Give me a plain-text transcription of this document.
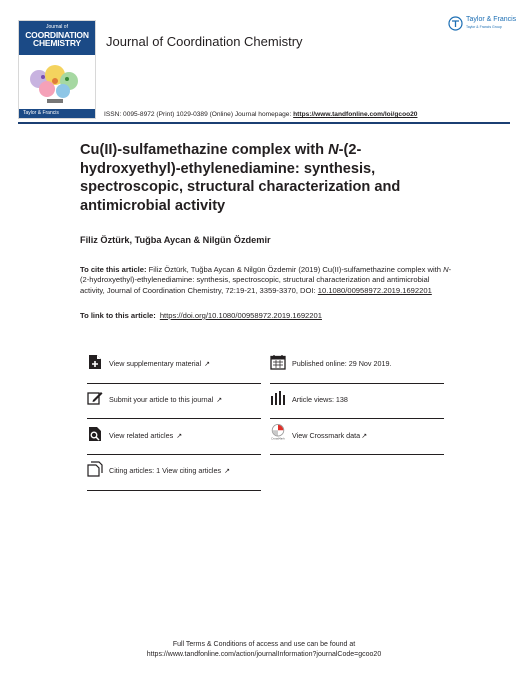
Journal of
COORDINATION CHEMISTRY
Taylor & Francis
Journal of Coordination Chemistry
Taylor & Francis
Taylor & Francis Group
ISSN: 0095-8972 (Print) 1029-0389 (Online) Journal homepage: https://www.tandfonline.com/loi/gcoo20
Cu(II)-sulfamethazine complex with N-(2- hydroxyethyl)-ethylenediamine: synthesis, spectroscopic, structural characterization and antimicrobial activity
Filiz Öztürk, Tuğba Aycan & Nilgün Özdemir
To cite this article: Filiz Öztürk, Tuğba Aycan & Nilgün Özdemir (2019) Cu(II)-sulfamethazine complex with N-(2-hydroxyethyl)-ethylenediamine: synthesis, spectroscopic, structural characterization and antimicrobial activity, Journal of Coordination Chemistry, 72:19-21, 3359-3370, DOI: 10.1080/00958972.2019.1692201
To link to this article: https://doi.org/10.1080/00958972.2019.1692201
View supplementary material ↗	Published online: 29 Nov 2019.
Submit your article to this journal ↗	Article views: 138
View related articles ↗	CrossMark View Crossmark data↗
Citing articles: 1 View citing articles ↗
Full Terms & Conditions of access and use can be found at
https://www.tandfonline.com/action/journalInformation?journalCode=gcoo20
